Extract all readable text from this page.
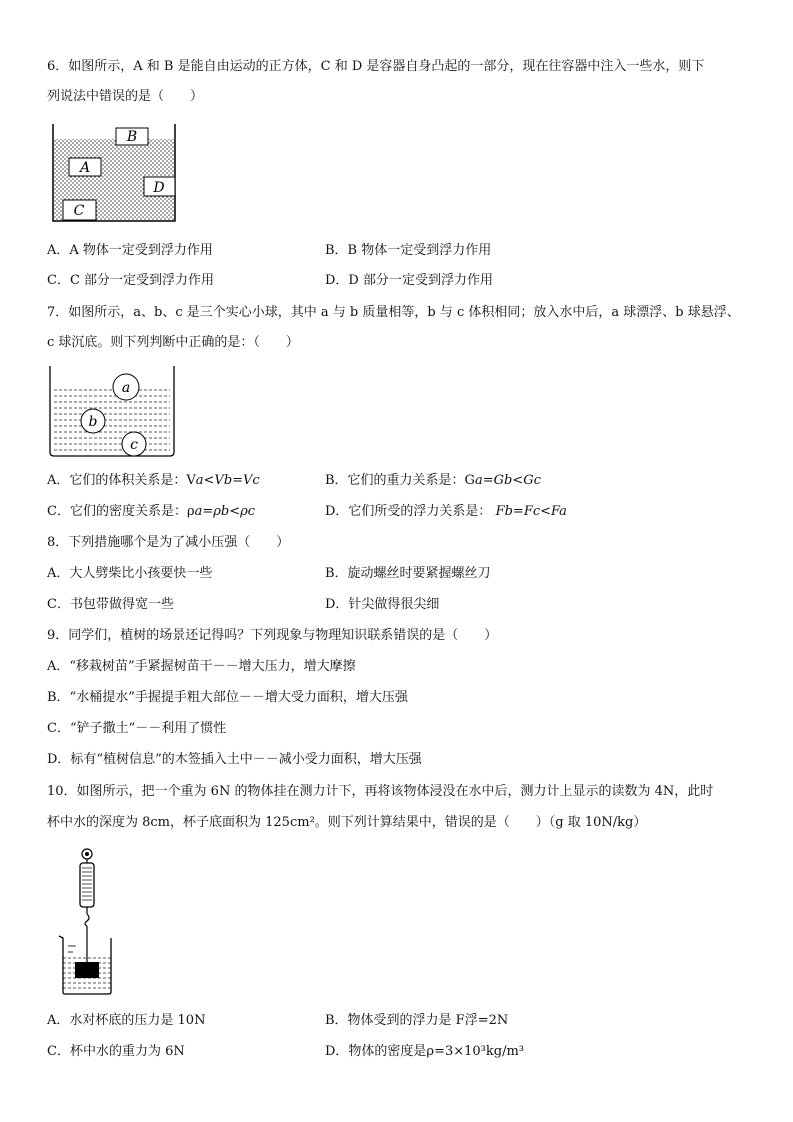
6．如图所示，A 和 B 是能自由运动的正方体，C 和 D 是容器自身凸起的一部分，现在往容器中注入一些水，则下
列说法中错误的是（　　）
B
A
D
C
A．A 物体一定受到浮力作用	B．B 物体一定受到浮力作用
C．C 部分一定受到浮力作用	D．D 部分一定受到浮力作用
7．如图所示，a、b、c 是三个实心小球，其中 a 与 b 质量相等，b 与 c 体积相同；放入水中后，a 球漂浮、b 球悬浮、
c 球沉底。则下列判断中正确的是：（　　）
a
b
c
A．它们的体积关系是：Va<Vb=Vc	B．它们的重力关系是：Ga=Gb<Gc
C．它们的密度关系是：ρa=ρb<ρc	D．它们所受的浮力关系是： Fb=Fc<Fa
8．下列措施哪个是为了减小压强（　　）
A．大人劈柴比小孩要快一些	B．旋动螺丝时要紧握螺丝刀
C．书包带做得宽一些	D．针尖做得很尖细
9．同学们，植树的场景还记得吗？下列现象与物理知识联系错误的是（　　）
A．“移栽树苗”手紧握树苗干－－增大压力，增大摩擦
B．“水桶提水”手握提手粗大部位－－增大受力面积，增大压强
C．“铲子撒土”－－利用了惯性
D．标有“植树信息”的木签插入土中－－减小受力面积，增大压强
10．如图所示，把一个重为 6N 的物体挂在测力计下，再将该物体浸没在水中后，测力计上显示的读数为 4N，此时
杯中水的深度为 8cm，杯子底面积为 125cm²。则下列计算结果中，错误的是（　　）（g 取 10N/kg）
A．水对杯底的压力是 10N	B．物体受到的浮力是 F浮=2N
C．杯中水的重力为 6N	D．物体的密度是ρ=3×10³kg/m³
